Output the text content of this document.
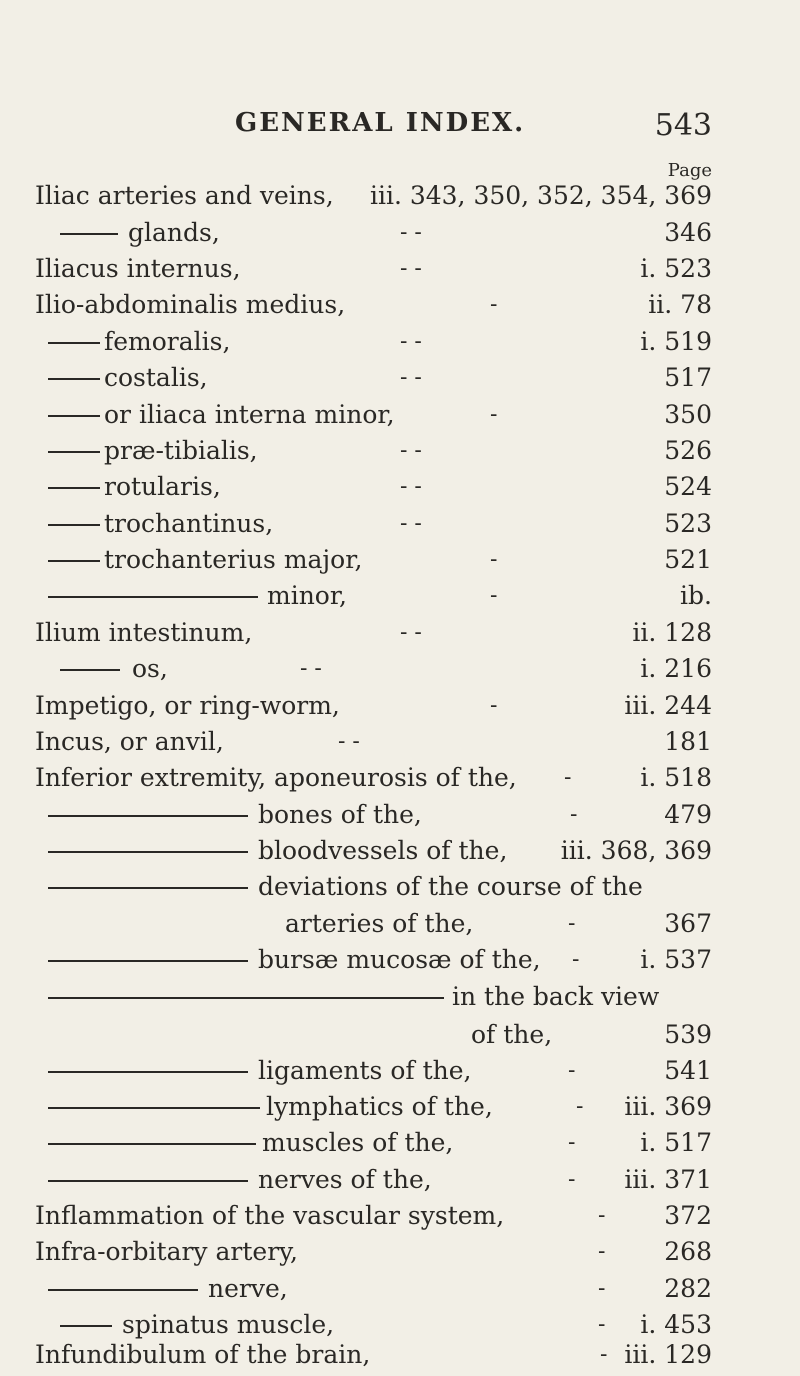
GENERAL INDEX.	543
Page
Iliac arteries and veins, iii. 343, 350, 352, 354, 369
glands,	- -	346
Iliacus internus,	- -	i. 523
Ilio-abdominalis medius,	-	ii. 78
femoralis,	- -	i. 519
costalis,	- -	517
or iliaca interna minor,	-	350
præ-tibialis,	- -	526
rotularis,	- -	524
trochantinus,	- -	523
trochanterius major,	-	521
minor,	-	ib.
Ilium intestinum,	- -	ii. 128
os,	- -	i. 216
Impetigo, or ring-worm,	-	iii. 244
Incus, or anvil,	- -	181
Inferior extremity, aponeurosis of the, -	i. 518
bones of the,	-	479
bloodvessels of the, iii. 368, 369
deviations of the course of the
arteries of the,	-	367
bursæ mucosæ of the, - i. 537
in the back view
of the,	539
ligaments of the,	-	541
lymphatics of the,	- iii. 369
muscles of the,	-	i. 517
nerves of the,	- iii. 371
Inflammation of the vascular system,	- 372
Infra-orbitary artery,	- 268
nerve,	- 282
spinatus muscle,	- i. 453
Infundibulum of the brain,	- iii. 129
